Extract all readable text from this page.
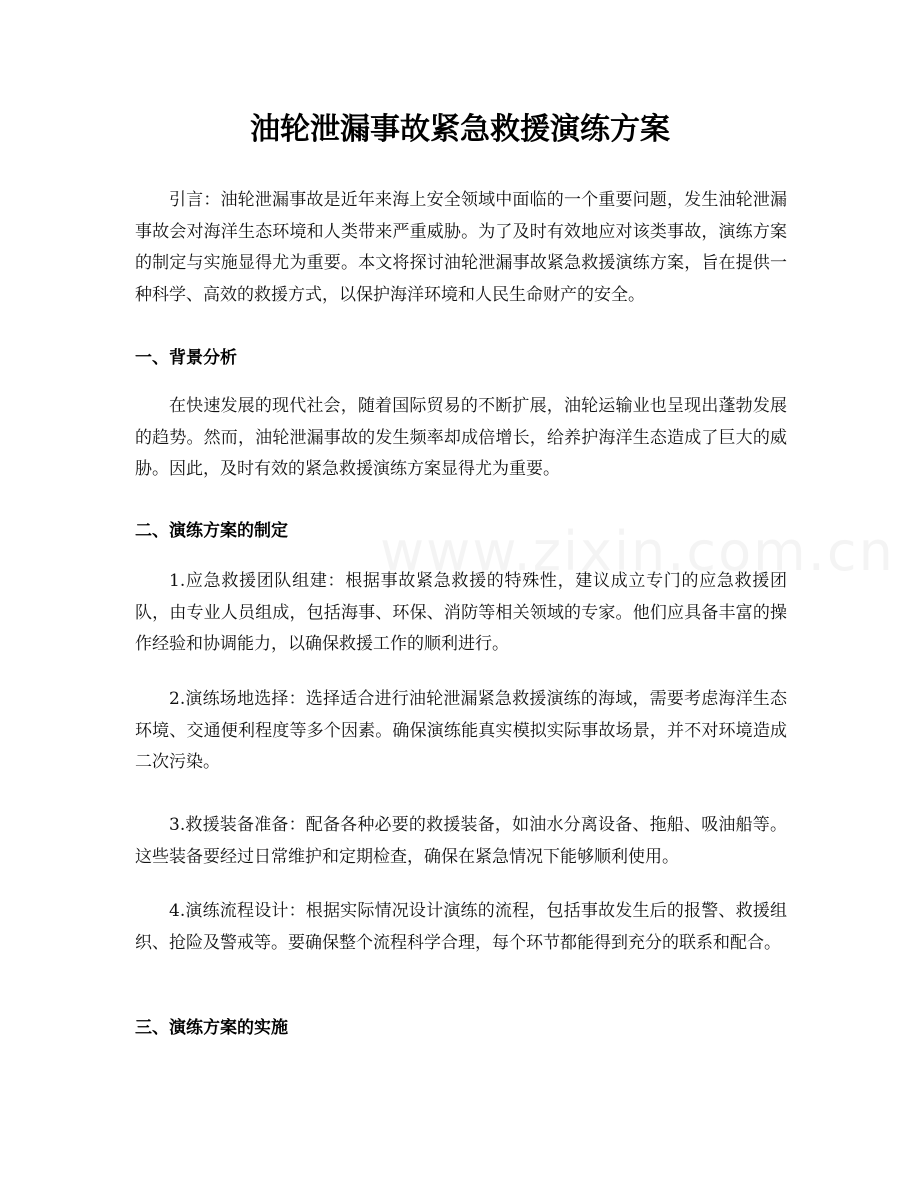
油轮泄漏事故紧急救援演练方案

引言：油轮泄漏事故是近年来海上安全领域中面临的一个重要问题，发生油轮泄漏事故会对海洋生态环境和人类带来严重威胁。为了及时有效地应对该类事故，演练方案的制定与实施显得尤为重要。本文将探讨油轮泄漏事故紧急救援演练方案，旨在提供一种科学、高效的救援方式，以保护海洋环境和人民生命财产的安全。

一、背景分析

在快速发展的现代社会，随着国际贸易的不断扩展，油轮运输业也呈现出蓬勃发展的趋势。然而，油轮泄漏事故的发生频率却成倍增长，给养护海洋生态造成了巨大的威胁。因此，及时有效的紧急救援演练方案显得尤为重要。

二、演练方案的制定

1.应急救援团队组建：根据事故紧急救援的特殊性，建议成立专门的应急救援团队，由专业人员组成，包括海事、环保、消防等相关领域的专家。他们应具备丰富的操作经验和协调能力，以确保救援工作的顺利进行。

2.演练场地选择：选择适合进行油轮泄漏紧急救援演练的海域，需要考虑海洋生态环境、交通便利程度等多个因素。确保演练能真实模拟实际事故场景，并不对环境造成二次污染。

3.救援装备准备：配备各种必要的救援装备，如油水分离设备、拖船、吸油船等。这些装备要经过日常维护和定期检查，确保在紧急情况下能够顺利使用。

4.演练流程设计：根据实际情况设计演练的流程，包括事故发生后的报警、救援组织、抢险及警戒等。要确保整个流程科学合理，每个环节都能得到充分的联系和配合。

三、演练方案的实施
